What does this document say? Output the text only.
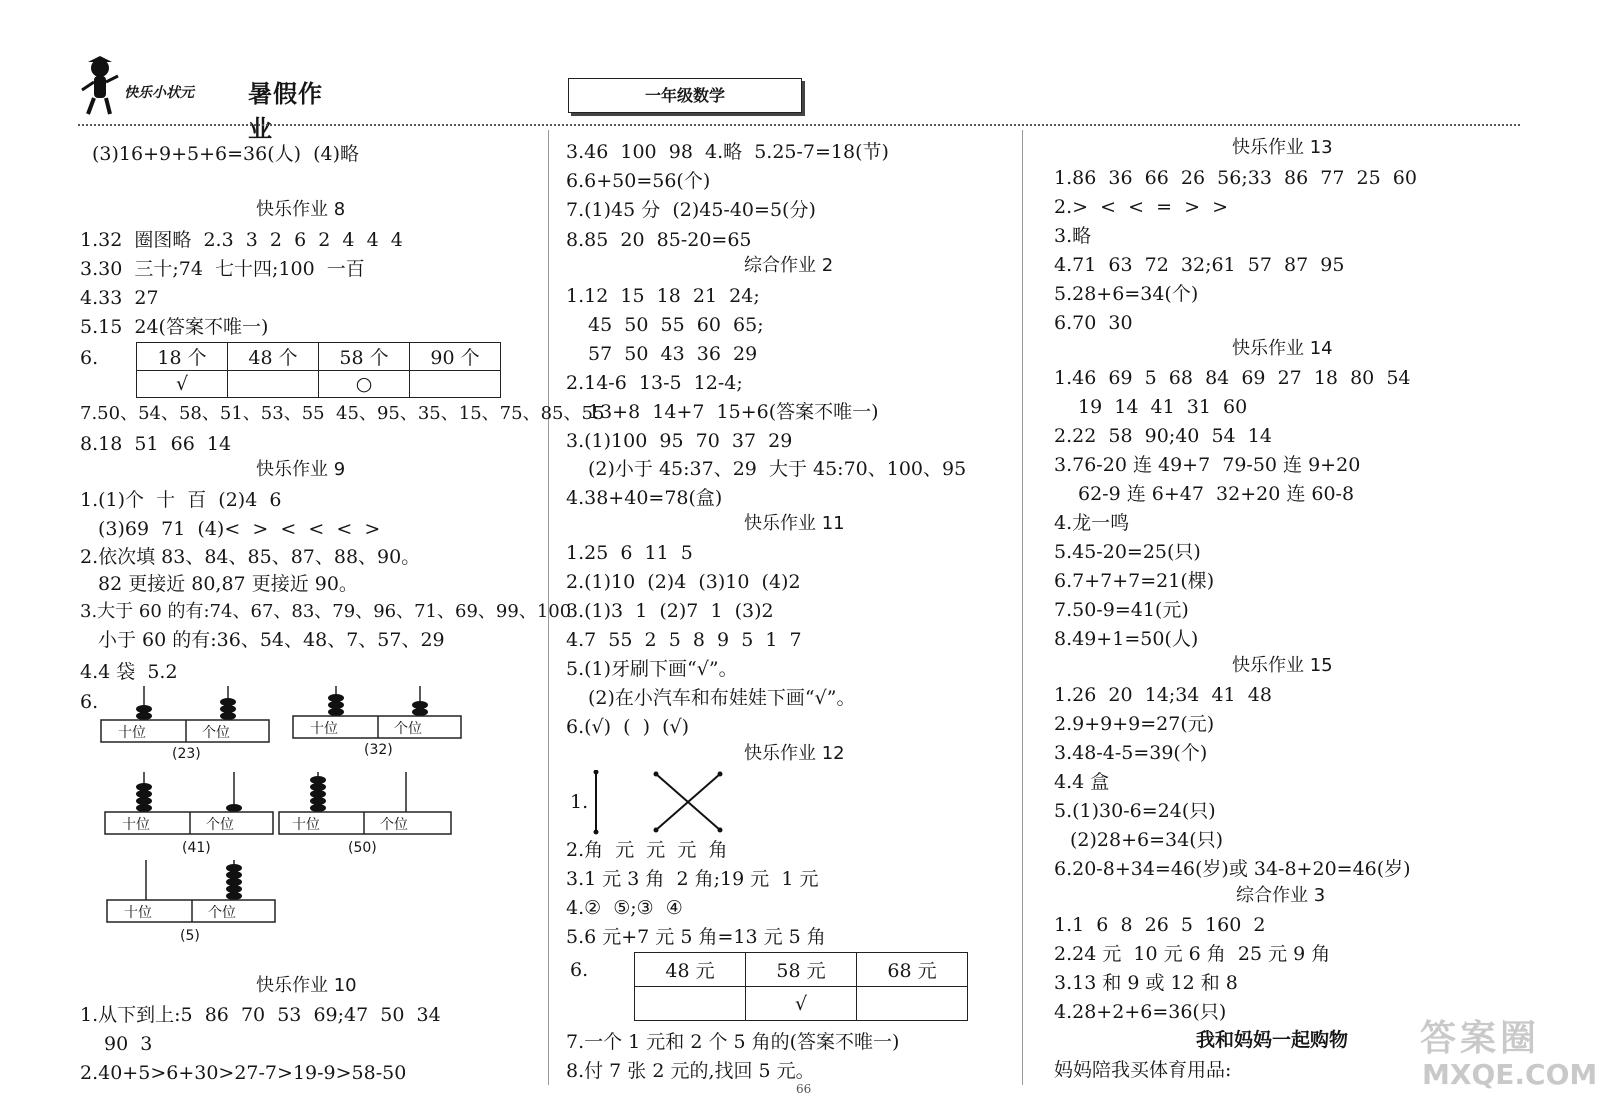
快乐小状元 暑假作业
一年级数学
(3)16+9+5+6=36(人)  (4)略
快乐作业 8
1.32  圈图略  2.3  3  2  6  2  4  4  4
3.30  三十;74  七十四;100  一百
4.33  27
5.15  24(答案不唯一)
6.	18 个	48 个	58 个	90 个
√		○	
7.50、54、58、51、53、55  45、95、35、15、75、85、55
8.18  51  66  14
快乐作业 9
1.(1)个  十  百  (2)4  6
(3)69  71  (4)<  >  <  <  <  >
2.依次填 83、84、85、87、88、90。
82 更接近 80,87 更接近 90。
3.大于 60 的有:74、67、83、79、96、71、69、99、100
小于 60 的有:36、54、48、7、57、29
4.4 袋  5.2
6.
十位	个位
(23)
十位	个位
(32)
十位	个位
(41)
十位	个位
(50)
十位	个位
(5)
快乐作业 10
1.从下到上:5  86  70  53  69;47  50  34
90  3
2.40+5>6+30>27-7>19-9>58-50
3.46  100  98  4.略  5.25-7=18(节)
6.6+50=56(个)
7.(1)45 分  (2)45-40=5(分)
8.85  20  85-20=65
综合作业 2
1.12  15  18  21  24;
45  50  55  60  65;
57  50  43  36  29
2.14-6  13-5  12-4;
13+8  14+7  15+6(答案不唯一)
3.(1)100  95  70  37  29
(2)小于 45:37、29  大于 45:70、100、95
4.38+40=78(盒)
快乐作业 11
1.25  6  11  5
2.(1)10  (2)4  (3)10  (4)2
3.(1)3  1  (2)7  1  (3)2
4.7  55  2  5  8  9  5  1  7
5.(1)牙刷下画“√”。
(2)在小汽车和布娃娃下画“√”。
6.(√)  (  )  (√)
快乐作业 12
1.
2.角  元  元  元  角
3.1 元 3 角  2 角;19 元  1 元
4.②  ⑤;③  ④
5.6 元+7 元 5 角=13 元 5 角
6.	48 元	58 元	68 元
	√	
7.一个 1 元和 2 个 5 角的(答案不唯一)
8.付 7 张 2 元的,找回 5 元。
快乐作业 13
1.86  36  66  26  56;33  86  77  25  60
2.>  <  <  =  >  >
3.略
4.71  63  72  32;61  57  87  95
5.28+6=34(个)
6.70  30
快乐作业 14
1.46  69  5  68  84  69  27  18  80  54
19  14  41  31  60
2.22  58  90;40  54  14
3.76-20 连 49+7  79-50 连 9+20
62-9 连 6+47  32+20 连 60-8
4.龙一鸣
5.45-20=25(只)
6.7+7+7=21(棵)
7.50-9=41(元)
8.49+1=50(人)
快乐作业 15
1.26  20  14;34  41  48
2.9+9+9=27(元)
3.48-4-5=39(个)
4.4 盒
5.(1)30-6=24(只)
(2)28+6=34(只)
6.20-8+34=46(岁)或 34-8+20=46(岁)
综合作业 3
1.1  6  8  26  5  160  2
2.24 元  10 元 6 角  25 元 9 角
3.13 和 9 或 12 和 8
4.28+2+6=36(只)
我和妈妈一起购物
妈妈陪我买体育用品:
答案圈
MXQE.COM
66
